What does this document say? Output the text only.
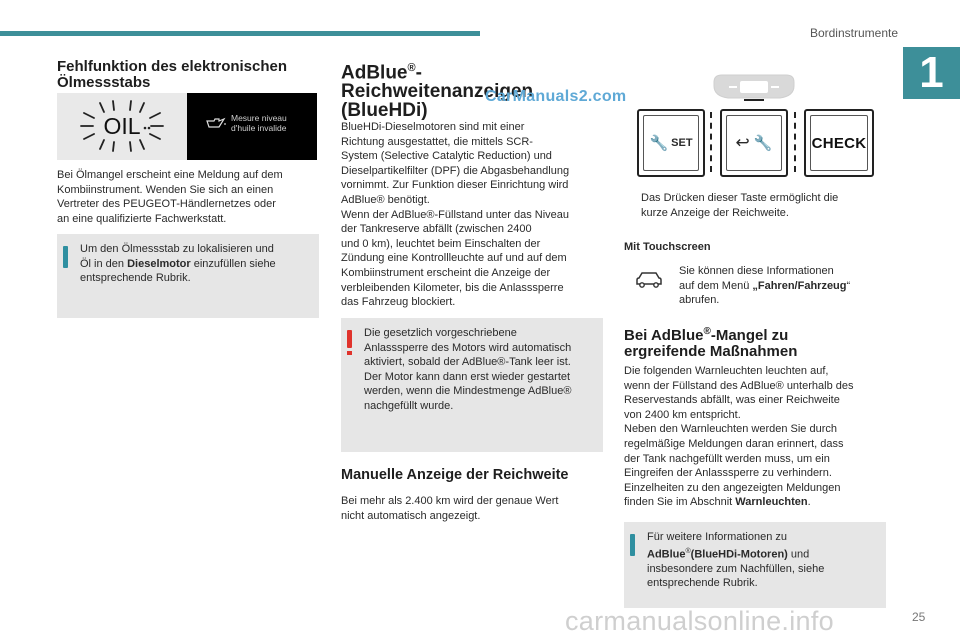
Bordinstrumente
1
Fehlfunktion des elektronischen Ölmessstabs
OIL	Mesure niveau
d'huile invalide
Bei Ölmangel erscheint eine Meldung auf dem
Kombiinstrument. Wenden Sie sich an einen
Vertreter des PEUGEOT-Händlernetzes oder
an eine qualifizierte Fachwerkstatt.
Um den Ölmessstab zu lokalisieren und
Öl in den Dieselmotor einzufüllen siehe
entsprechende Rubrik.
AdBlue®-
Reichweitenanzeigen
(BlueHDi)
CarManuals2.com
BlueHDi-Dieselmotoren sind mit einer
Richtung ausgestattet, die mittels SCR-
System (Selective Catalytic Reduction) und
Dieselpartikelfilter (DPF) die Abgasbehandlung
vornimmt. Zur Funktion dieser Einrichtung wird
AdBlue® benötigt.
Wenn der AdBlue®-Füllstand unter das Niveau
der Tankreserve abfällt (zwischen 2400
und 0 km), leuchtet beim Einschalten der
Zündung eine Kontrollleuchte auf und auf dem
Kombiinstrument erscheint die Anzeige der
verbleibenden Kilometer, bis die Anlasssperre
das Fahrzeug blockiert.
Die gesetzlich vorgeschriebene
Anlasssperre des Motors wird automatisch
aktiviert, sobald der AdBlue®-Tank leer ist.
Der Motor kann dann erst wieder gestartet
werden, wenn die Mindestmenge AdBlue®
nachgefüllt wurde.
Manuelle Anzeige der Reichweite
Bei mehr als 2.400 km wird der genaue Wert
nicht automatisch angezeigt.
🔧 SET	↩ 🔧	CHECK
Das Drücken dieser Taste ermöglicht die
kurze Anzeige der Reichweite.
Mit Touchscreen
Sie können diese Informationen
auf dem Menü „Fahren/Fahrzeug“
abrufen.
Bei AdBlue®-Mangel zu
ergreifende Maßnahmen
Die folgenden Warnleuchten leuchten auf,
wenn der Füllstand des AdBlue® unterhalb des
Reservestands abfällt, was einer Reichweite
von 2400 km entspricht.
Neben den Warnleuchten werden Sie durch
regelmäßige Meldungen daran erinnert, dass
der Tank nachgefüllt werden muss, um ein
Eingreifen der Anlasssperre zu verhindern.
Einzelheiten zu den angezeigten Meldungen
finden Sie im Abschnit Warnleuchten.
Für weitere Informationen zu
AdBlue®(BlueHDi-Motoren) und
insbesondere zum Nachfüllen, siehe
entsprechende Rubrik.
carmanualsonline.info	25
